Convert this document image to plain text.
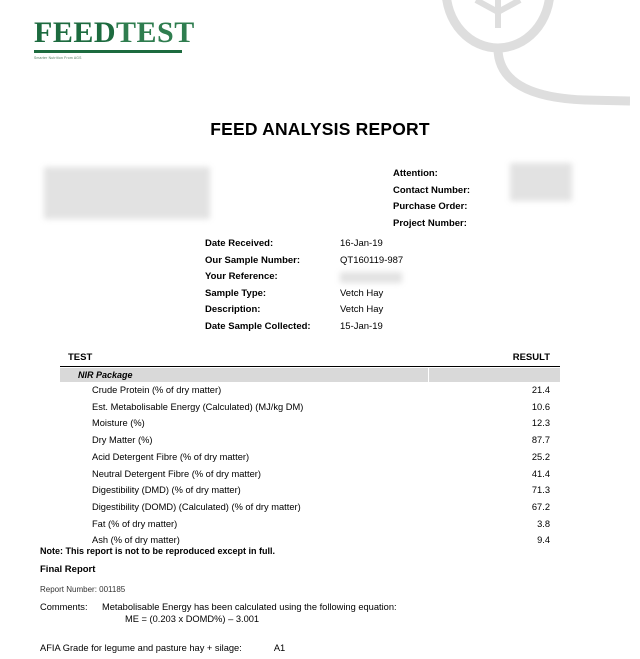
FEEDTEST
Smarter Nutrition From AGS
FEED ANALYSIS REPORT
Attention:
Contact Number:
Purchase Order:
Project Number:
Date Received:	16-Jan-19
Our Sample Number:	QT160119-987
Your Reference:
Sample Type:	Vetch Hay
Description:	Vetch Hay
Date Sample Collected:	15-Jan-19
TEST	RESULT
NIR Package
Crude Protein (% of dry matter)	21.4
Est. Metabolisable Energy (Calculated) (MJ/kg DM)	10.6
Moisture (%)	12.3
Dry Matter (%)	87.7
Acid Detergent Fibre (% of dry matter)	25.2
Neutral Detergent Fibre (% of dry matter)	41.4
Digestibility (DMD) (% of dry matter)	71.3
Digestibility (DOMD) (Calculated) (% of dry matter)	67.2
Fat (% of dry matter)	3.8
Ash (% of dry matter)	9.4
Note: This report is not to be reproduced except in full.
Final Report
Report Number: 001185
Comments: Metabolisable Energy has been calculated using the following equation:
ME = (0.203 x DOMD%) – 3.001
AFIA Grade for legume and pasture hay + silage:	A1
